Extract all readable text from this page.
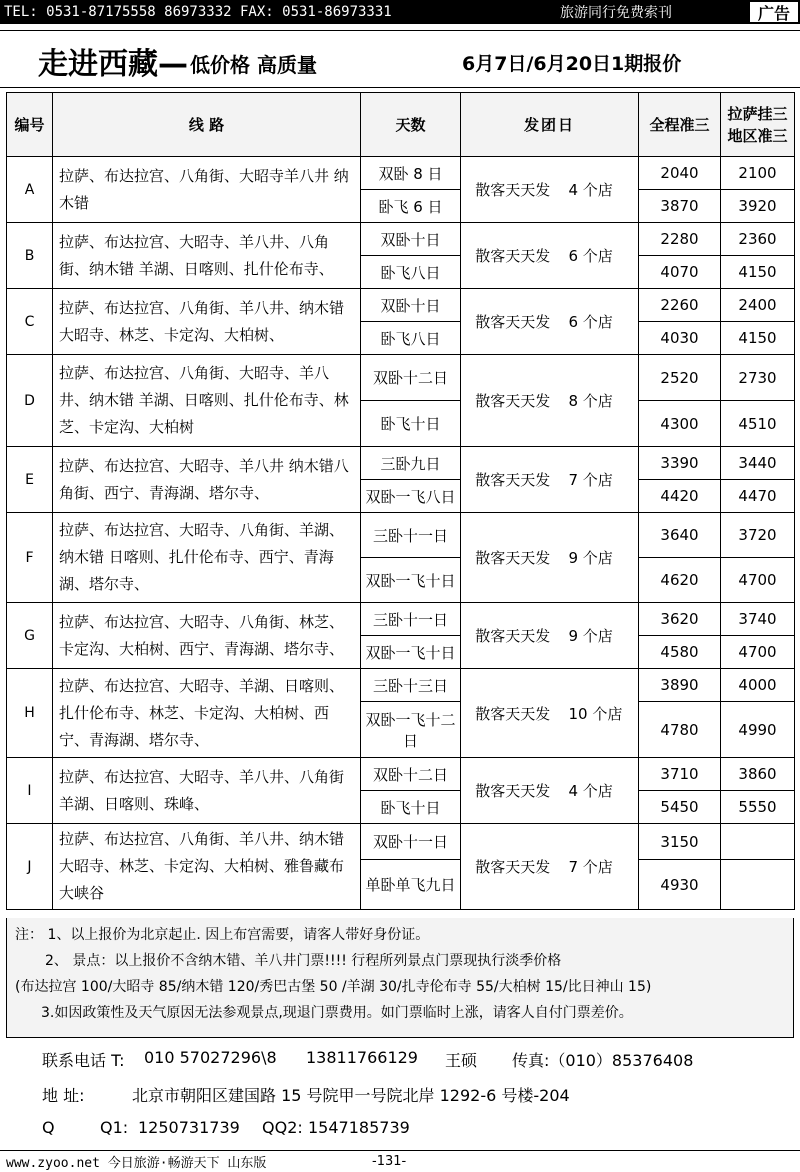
TEL: 0531-87175558 86973332 FAX: 0531-86973331	旅游同行免费索刊	广告
走进西藏— 低价格 高质量	6月7日/6月20日1期报价
编号	线 路	天数	发团日		全程准三	拉萨挂三
地区准三

A	拉萨、布达拉宫、八角街、大昭寺羊八井 纳木错	双卧 8 日	散客天天发	4 个店	2040	2100
		卧飞 6 日			3870	3920
B	拉萨、布达拉宫、大昭寺、羊八井、八角街、纳木错 羊湖、日喀则、扎什伦布寺、	双卧十日	散客天天发	6 个店	2280	2360
		卧飞八日			4070	4150
C	拉萨、布达拉宫、八角街、羊八井、纳木错 大昭寺、林芝、卡定沟、大柏树、	双卧十日	散客天天发	6 个店	2260	2400
		卧飞八日			4030	4150
D	拉萨、布达拉宫、八角街、大昭寺、羊八井、纳木错 羊湖、日喀则、扎什伦布寺、林芝、卡定沟、大柏树	双卧十二日	散客天天发	8 个店	2520	2730
		卧飞十日			4300	4510
E	拉萨、布达拉宫、大昭寺、羊八井 纳木错八角街、西宁、青海湖、塔尔寺、	三卧九日	散客天天发	7 个店	3390	3440
		双卧一飞八日			4420	4470
F	拉萨、布达拉宫、大昭寺、八角街、羊湖、纳木错 日喀则、扎什伦布寺、西宁、青海湖、塔尔寺、	三卧十一日	散客天天发	9 个店	3640	3720
		双卧一飞十日			4620	4700
G	拉萨、布达拉宫、大昭寺、八角街、林芝、卡定沟、大柏树、西宁、青海湖、塔尔寺、	三卧十一日	散客天天发	9 个店	3620	3740
		双卧一飞十日			4580	4700
H	拉萨、布达拉宫、大昭寺、羊湖、日喀则、扎什伦布寺、林芝、卡定沟、大柏树、西宁、青海湖、塔尔寺、	三卧十三日	散客天天发	10 个店	3890	4000
		双卧一飞十二日			4780	4990
I	拉萨、布达拉宫、大昭寺、羊八井、八角街羊湖、日喀则、珠峰、	双卧十二日	散客天天发	4 个店	3710	3860
		卧飞十日			5450	5550
J	拉萨、布达拉宫、八角街、羊八井、纳木错 大昭寺、林芝、卡定沟、大柏树、雅鲁藏布大峡谷	双卧十一日	散客天天发	7 个店	3150	
		单卧单飞九日			4930	
注： 1、以上报价为北京起止. 因上布宫需要，请客人带好身份证。
2、 景点：以上报价不含纳木错、羊八井门票!!!! 行程所列景点门票现执行淡季价格
(布达拉宫 100/大昭寺 85/纳木错 120/秀巴古堡 50 /羊湖 30/扎寺伦布寺 55/大柏树 15/比日神山 15)
3.如因政策性及天气原因无法参观景点,现退门票费用。如门票临时上涨，请客人自付门票差价。
联系电话 T: 010 57027296\8 13811766129 王硕 传真:（010）85376408
地 址:	北京市朝阳区建国路 15 号院甲一号院北岸 1292-6 号楼-204
Q	Q1: 1250731739 QQ2: 1547185739
www.zyoo.net 今日旅游·畅游天下 山东版	-131-
